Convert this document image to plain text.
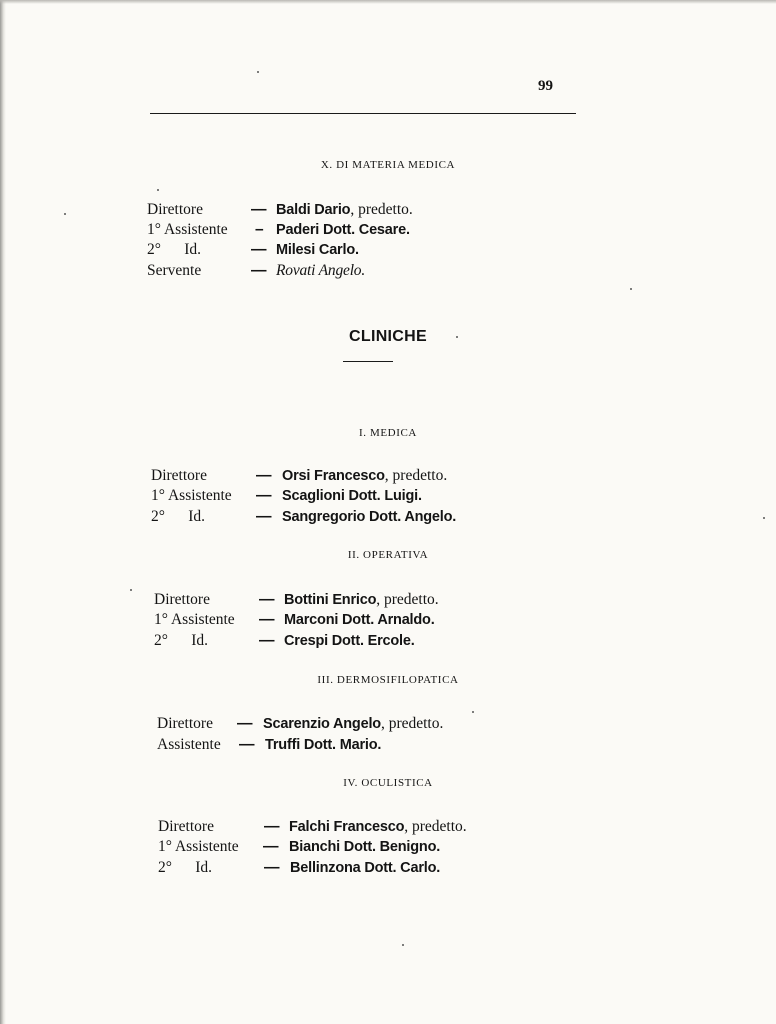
99
X. DI MATERIA MEDICA
Direttore	— Baldi Dario, predetto.
1° Assistente – Paderi Dott. Cesare.
2°      Id.	— Milesi Carlo.
Servente	— Rovati Angelo.
CLINICHE
I. MEDICA
Direttore	— Orsi Francesco, predetto.
1° Assistente — Scaglioni Dott. Luigi.
2°      Id.	— Sangregorio Dott. Angelo.
II. OPERATIVA
Direttore	— Bottini Enrico, predetto.
1° Assistente — Marconi Dott. Arnaldo.
2°      Id.	— Crespi Dott. Ercole.
III. DERMOSIFILOPATICA
Direttore — Scarenzio Angelo, predetto.
Assistente — Truffi Dott. Mario.
IV. OCULISTICA
Direttore	— Falchi Francesco, predetto.
1° Assistente — Bianchi Dott. Benigno.
2°      Id.	— Bellinzona Dott. Carlo.
